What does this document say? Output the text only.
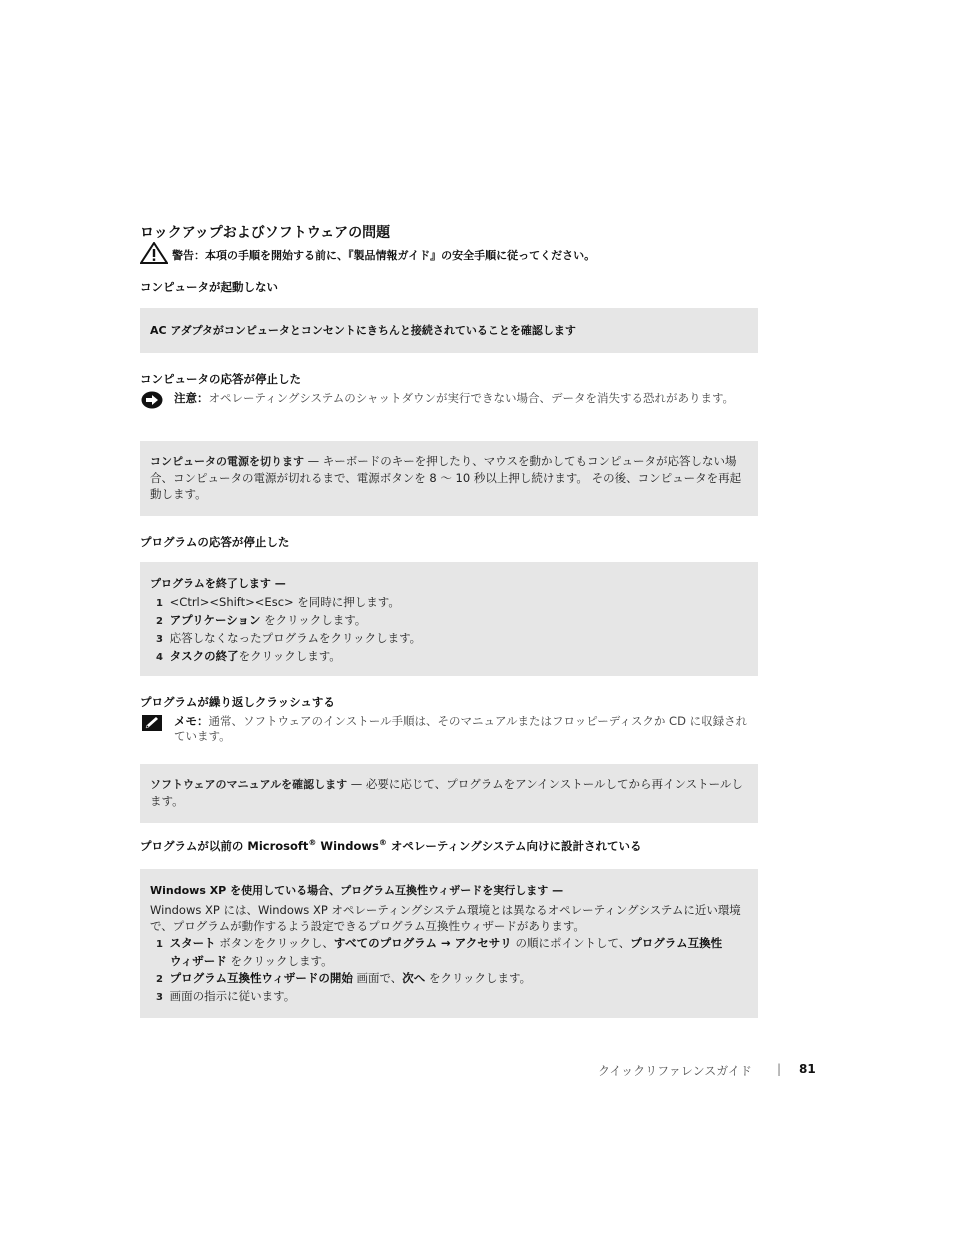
ロックアップおよびソフトウェアの問題
警告：本項の手順を開始する前に、『製品情報ガイド』の安全手順に従ってください。
コンピュータが起動しない
AC アダプタがコンピュータとコンセントにきちんと接続されていることを確認します
コンピュータの応答が停止した
注意：オペレーティングシステムのシャットダウンが実行できない場合、データを消失する恐れがあります。
コンピュータの電源を切ります — キーボードのキーを押したり、マウスを動かしてもコンピュータが応答しない場合、コンピュータの電源が切れるまで、電源ボタンを 8 〜 10 秒以上押し続けます。 その後、コンピュータを再起動します。
プログラムの応答が停止した
プログラムを終了します —
1 <Ctrl><Shift><Esc> を同時に押します。
2 アプリケーション をクリックします。
3 応答しなくなったプログラムをクリックします。
4 タスクの終了をクリックします。
プログラムが繰り返しクラッシュする
メモ：通常、ソフトウェアのインストール手順は、そのマニュアルまたはフロッピーディスクか CD に収録されています。
ソフトウェアのマニュアルを確認します — 必要に応じて、プログラムをアンインストールしてから再インストールします。
プログラムが以前の Microsoft® Windows® オペレーティングシステム向けに設計されている
Windows XP を使用している場合、プログラム互換性ウィザードを実行します —
Windows XP には、Windows XP オペレーティングシステム環境とは異なるオペレーティングシステムに近い環境で、プログラムが動作するよう設定できるプログラム互換性ウィザードがあります。
1 スタート ボタンをクリックし、すべてのプログラム → アクセサリ の順にポイントして、プログラム互換性
ウィザード をクリックします。
2 プログラム互換性ウィザードの開始 画面で、次へ をクリックします。
3 画面の指示に従います。
クイックリファレンスガイド | 81
